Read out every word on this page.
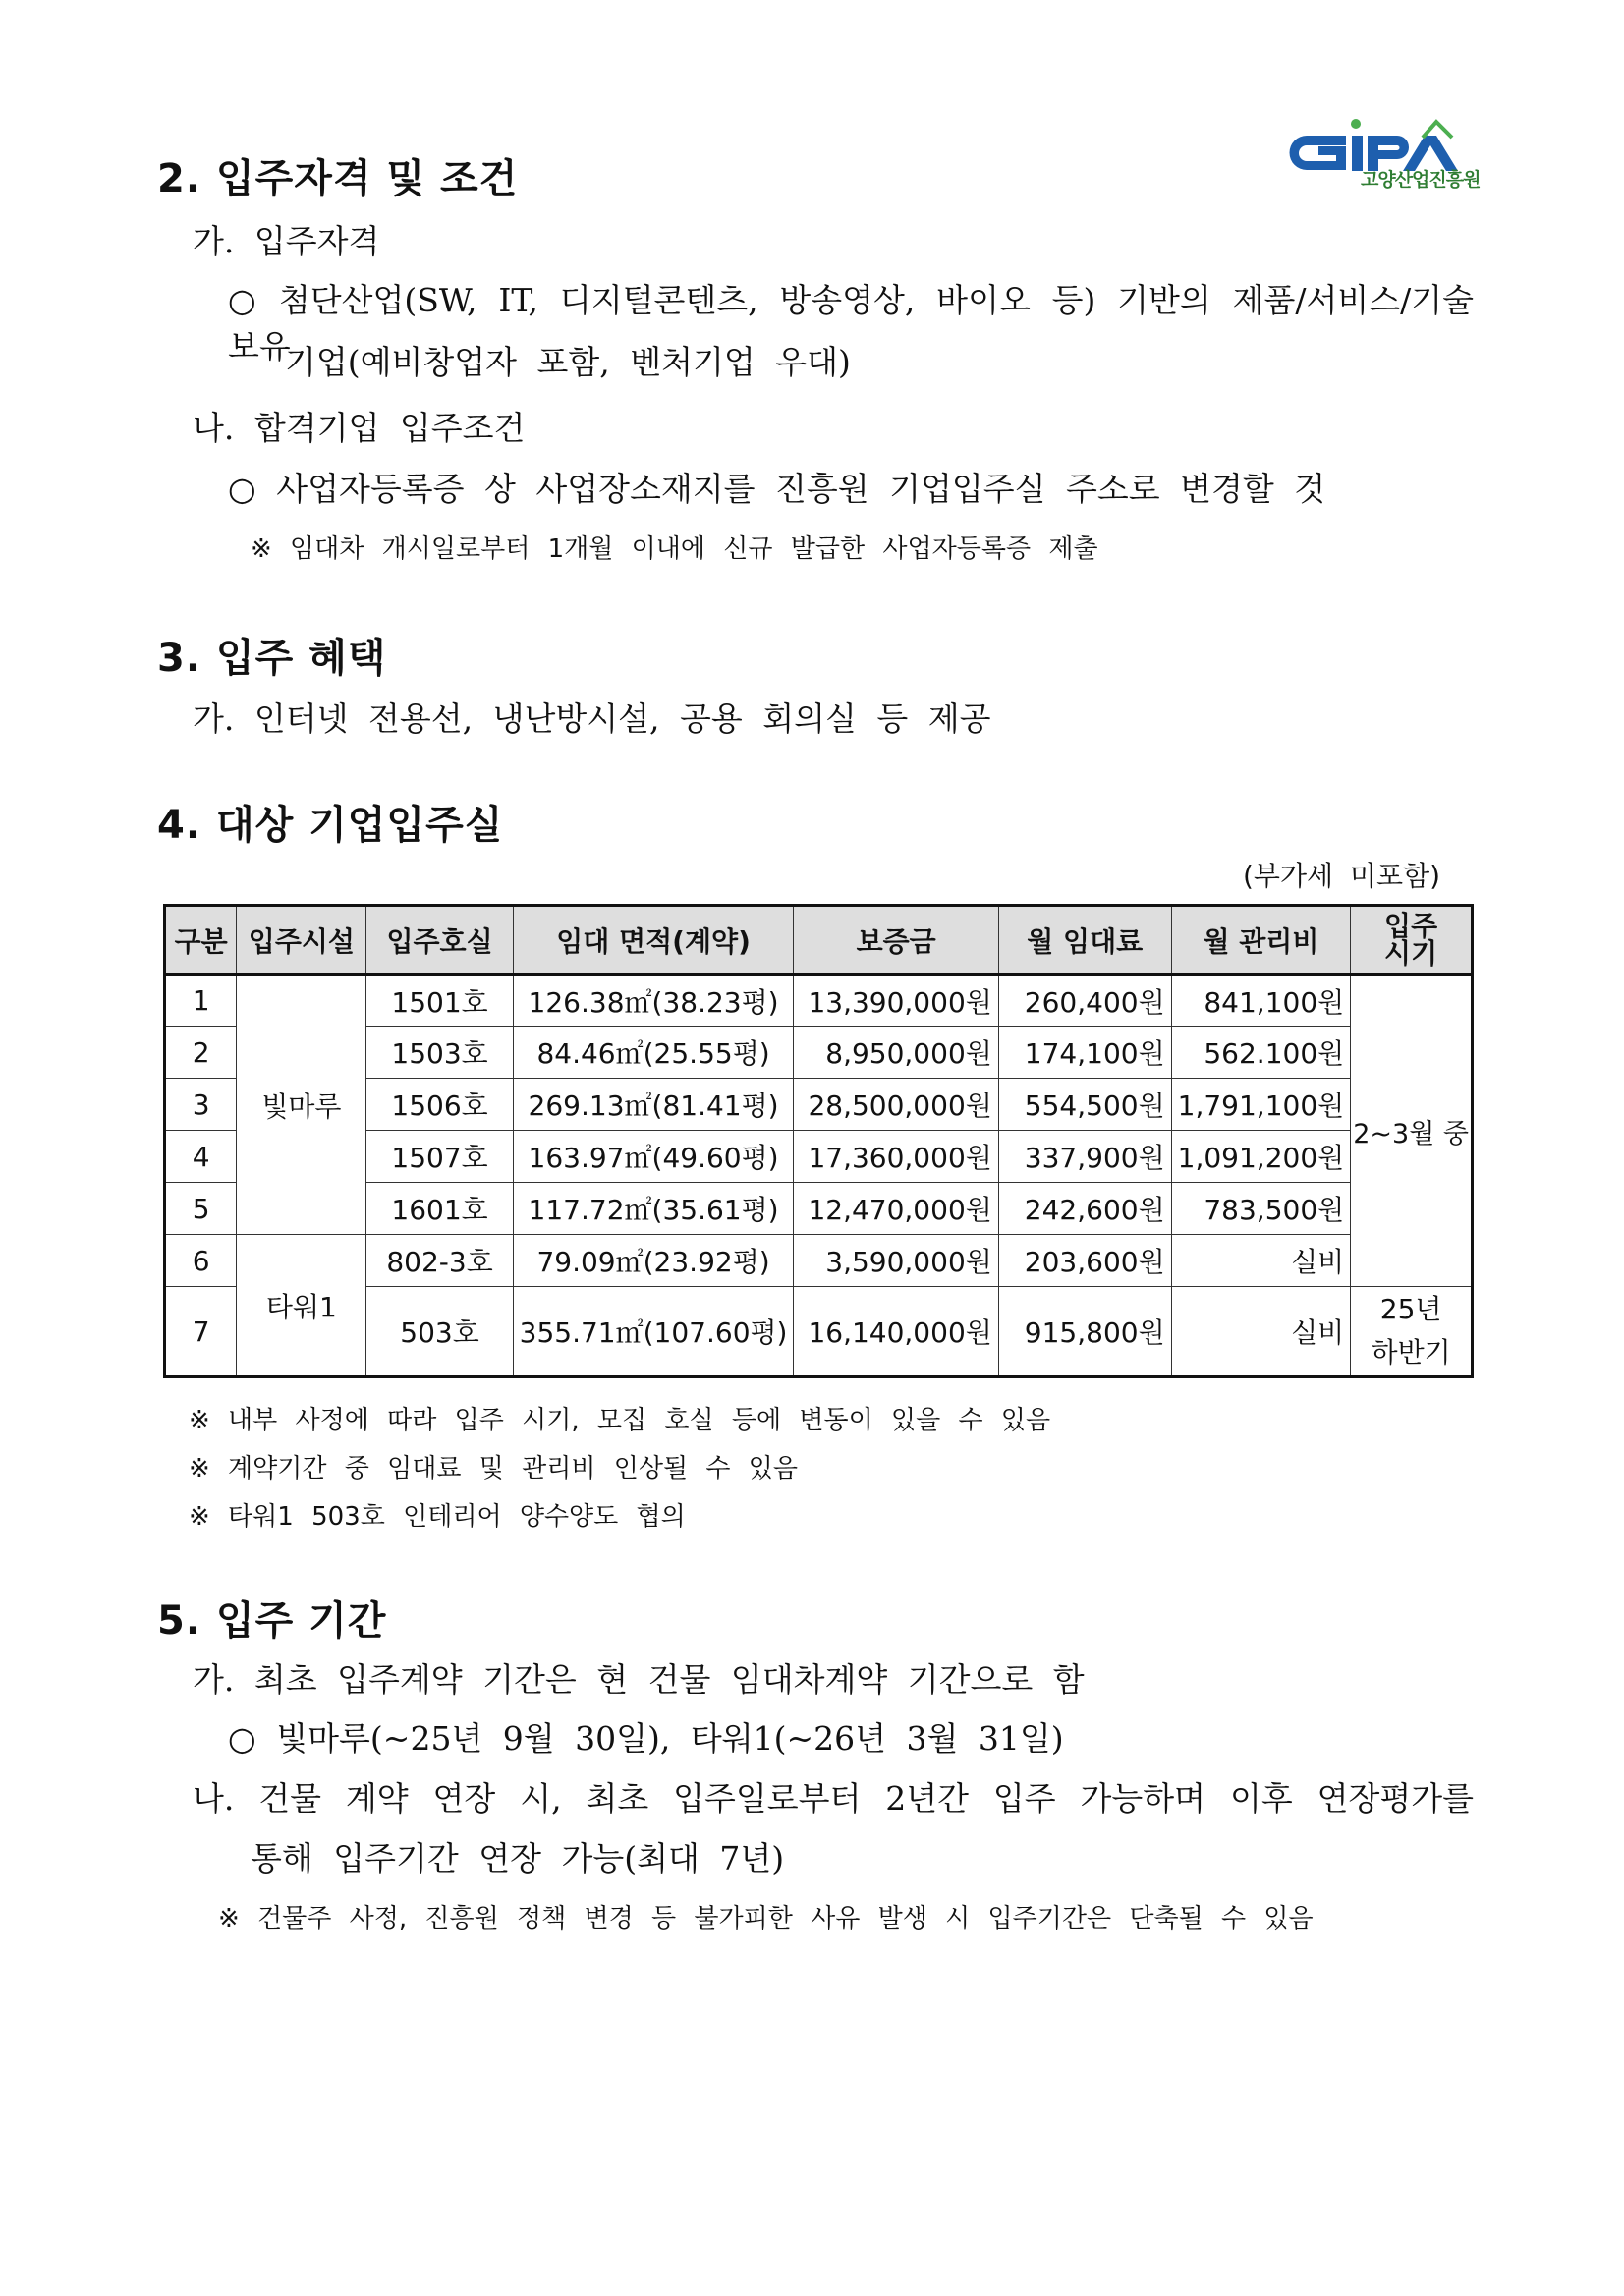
고양산업진흥원
2. 입주자격 및 조건
가. 입주자격
○ 첨단산업(SW, IT, 디지털콘텐츠, 방송영상, 바이오 등) 기반의 제품/서비스/기술 보유
기업(예비창업자 포함, 벤처기업 우대)
나. 합격기업 입주조건
○ 사업자등록증 상 사업장소재지를 진흥원 기업입주실 주소로 변경할 것
※ 임대차 개시일로부터 1개월 이내에 신규 발급한 사업자등록증 제출
3. 입주 혜택
가. 인터넷 전용선, 냉난방시설, 공용 회의실 등 제공
4. 대상 기업입주실
(부가세 미포함)
구분	입주시설	입주호실	임대 면적(계약)	보증금	월 임대료	월 관리비	입주
시기

1	빛마루	1501호	126.38㎡(38.23평)	13,390,000원	260,400원	841,100원	2~3월 중
2		1503호	84.46㎡(25.55평)	8,950,000원	174,100원	562.100원	
3		1506호	269.13㎡(81.41평)	28,500,000원	554,500원	1,791,100원	
4		1507호	163.97㎡(49.60평)	17,360,000원	337,900원	1,091,200원	
5		1601호	117.72㎡(35.61평)	12,470,000원	242,600원	783,500원	
6	타워1	802-3호	79.09㎡(23.92평)	3,590,000원	203,600원	실비	
7		503호	355.71㎡(107.60평)	16,140,000원	915,800원	실비	25년
하반기
※ 내부 사정에 따라 입주 시기, 모집 호실 등에 변동이 있을 수 있음
※ 계약기간 중 임대료 및 관리비 인상될 수 있음
※ 타워1 503호 인테리어 양수양도 협의
5. 입주 기간
가. 최초 입주계약 기간은 현 건물 임대차계약 기간으로 함
○ 빛마루(~25년 9월 30일), 타워1(~26년 3월 31일)
나. 건물 계약 연장 시, 최초 입주일로부터 2년간 입주 가능하며 이후 연장평가를
통해 입주기간 연장 가능(최대 7년)
※ 건물주 사정, 진흥원 정책 변경 등 불가피한 사유 발생 시 입주기간은 단축될 수 있음
